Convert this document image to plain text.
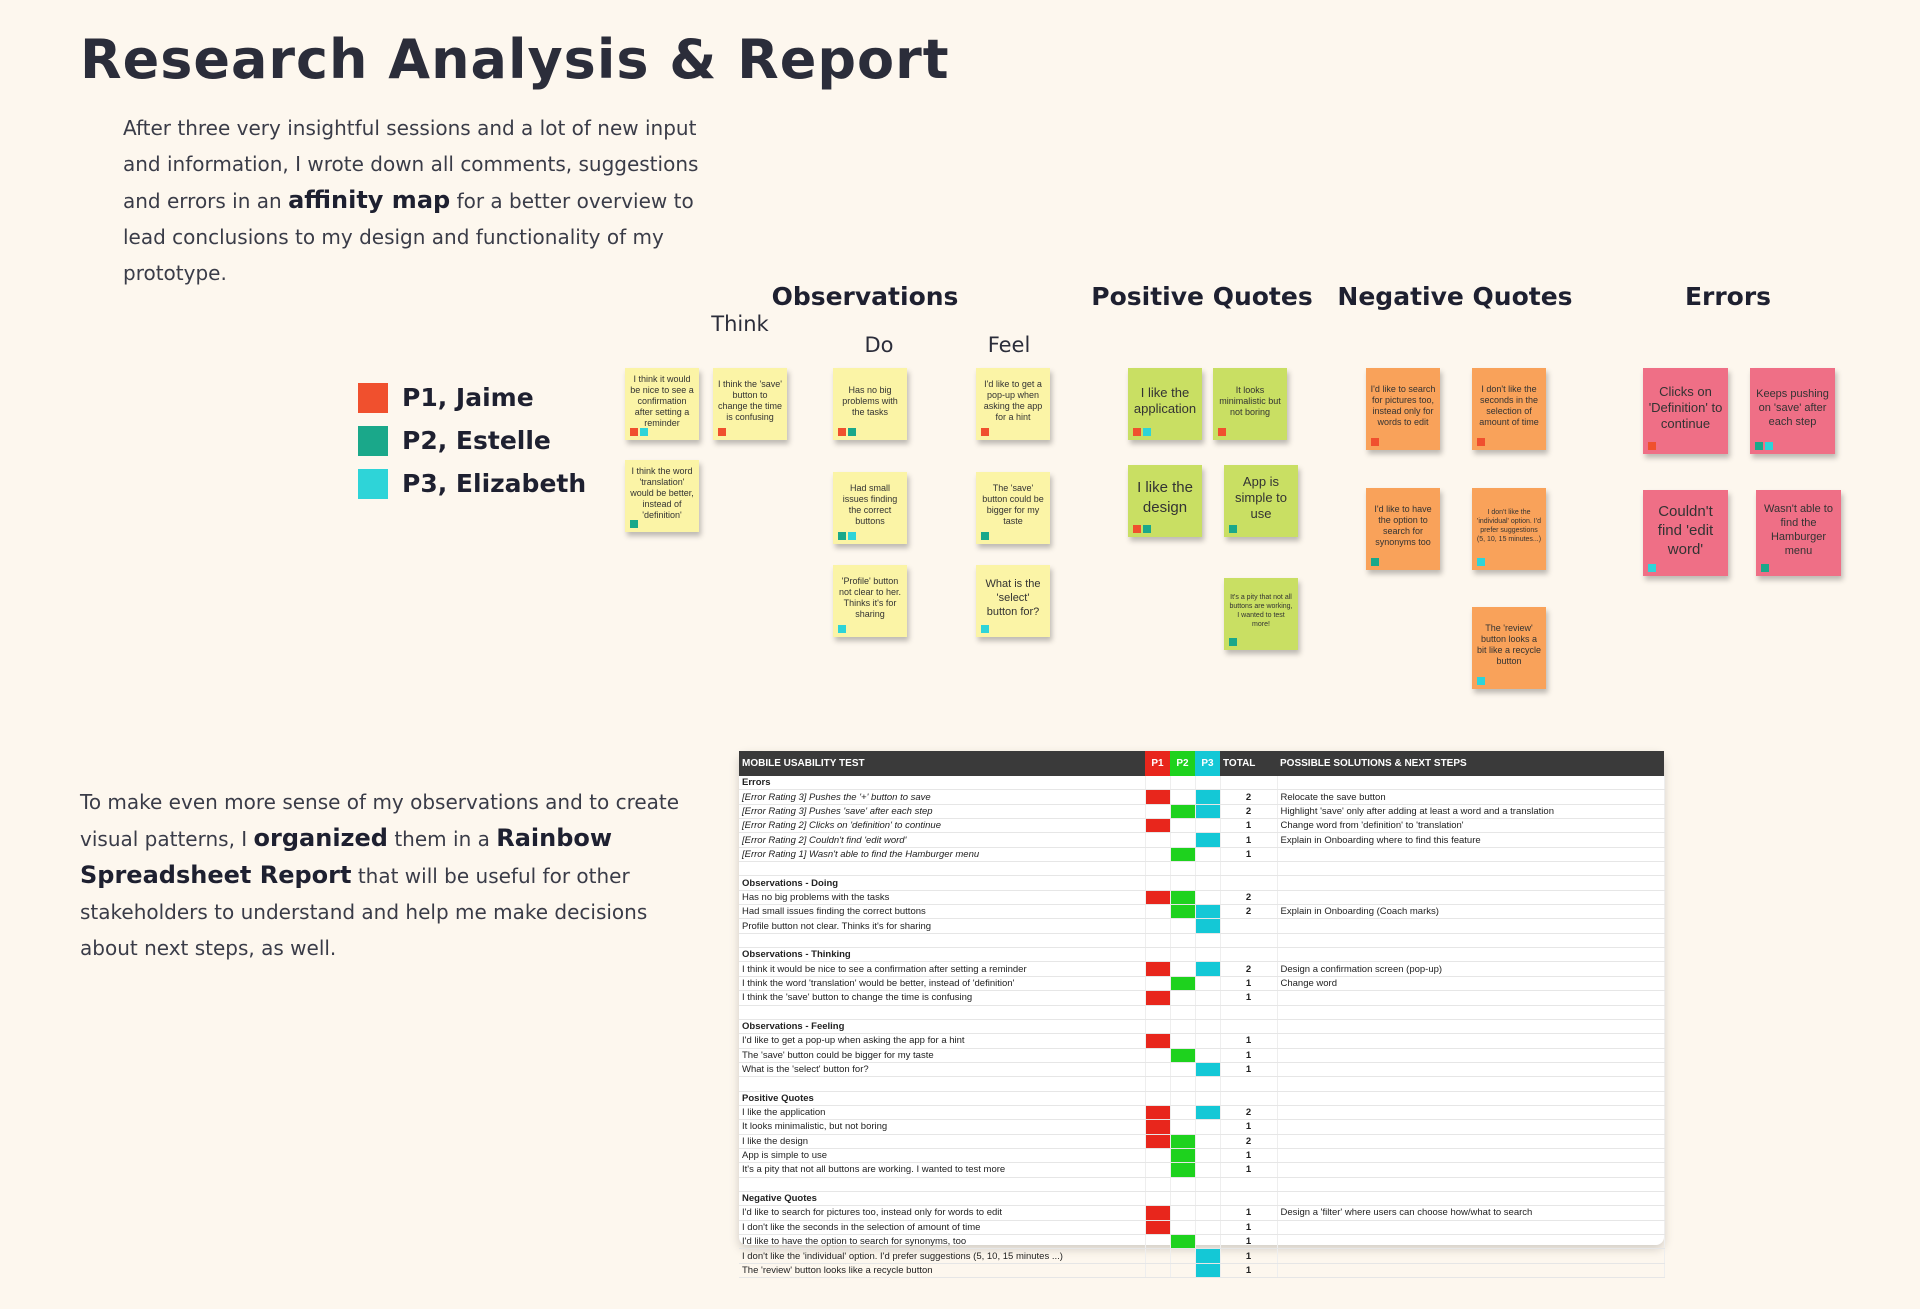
Research Analysis & Report
After three very insightful sessions and a lot of new input and information, I wrote down all comments, suggestions and errors in an affinity map for a better overview to lead conclusions to my design and functionality of my prototype.
P1, Jaime
P2, Estelle
P3, Elizabeth
Observations
Think
Do	Feel
Positive Quotes Negative Quotes	Errors
I think it would be nice to see a confirmation after setting a reminder
I think the 'save' button to change the time is confusing
I think the word 'translation' would be better, instead of 'definition'
Has no big problems with the tasks
Had small issues finding the correct buttons
'Profile' button not clear to her. Thinks it's for sharing
I'd like to get a pop-up when asking the app for a hint
The 'save' button could be bigger for my taste
What is the 'select' button for?
I like the application
It looks minimalistic but not boring
I like the design
App is simple to use
It's a pity that not all buttons are working, I wanted to test more!
I'd like to search for pictures too, instead only for words to edit
I don't like the seconds in the selection of amount of time
I'd like to have the option to search for synonyms too
I don't like the 'individual' option. I'd prefer suggestions (5, 10, 15 minutes...)
The 'review' button looks a bit like a recycle button
Clicks on 'Definition' to continue
Keeps pushing on 'save' after each step
Couldn't find 'edit word'
Wasn't able to find the Hamburger menu
To make even more sense of my observations and to create visual patterns, I organized them in a Rainbow Spreadsheet Report that will be useful for other stakeholders to understand and help me make decisions about next steps, as well.
MOBILE USABILITY TEST	P1	P2	P3	TOTAL	POSSIBLE SOLUTIONS & NEXT STEPS
Errors					
[Error Rating 3] Pushes the '+' button to save				2	Relocate the save button
[Error Rating 3] Pushes 'save' after each step				2	Highlight 'save' only after adding at least a word and a translation
[Error Rating 2] Clicks on 'definition' to continue				1	Change word from 'definition' to 'translation'
[Error Rating 2] Couldn't find 'edit word'				1	Explain in Onboarding where to find this feature
[Error Rating 1] Wasn't able to find the Hamburger menu				1	

Observations - Doing					
Has no big problems with the tasks				2	
Had small issues finding the correct buttons				2	Explain in Onboarding (Coach marks)
Profile button not clear. Thinks it's for sharing					

Observations - Thinking					
I think it would be nice to see a confirmation after setting a reminder				2	Design a confirmation screen (pop-up)
I think the word 'translation' would be better, instead of 'definition'				1	Change word
I think the 'save' button to change the time is confusing				1	

Observations - Feeling					
I'd like to get a pop-up when asking the app for a hint				1	
The 'save' button could be bigger for my taste				1	
What is the 'select' button for?				1	

Positive Quotes					
I like the application				2	
It looks minimalistic, but not boring				1	
I like the design				2	
App is simple to use				1	
It's a pity that not all buttons are working. I wanted to test more				1	

Negative Quotes					
I'd like to search for pictures too, instead only for words to edit				1	Design a 'filter' where users can choose how/what to search
I don't like the seconds in the selection of amount of time				1	
I'd like to have the option to search for synonyms, too				1	
I don't like the 'individual' option. I'd prefer suggestions (5, 10, 15 minutes ...)				1	
The 'review' button looks like a recycle button				1	
